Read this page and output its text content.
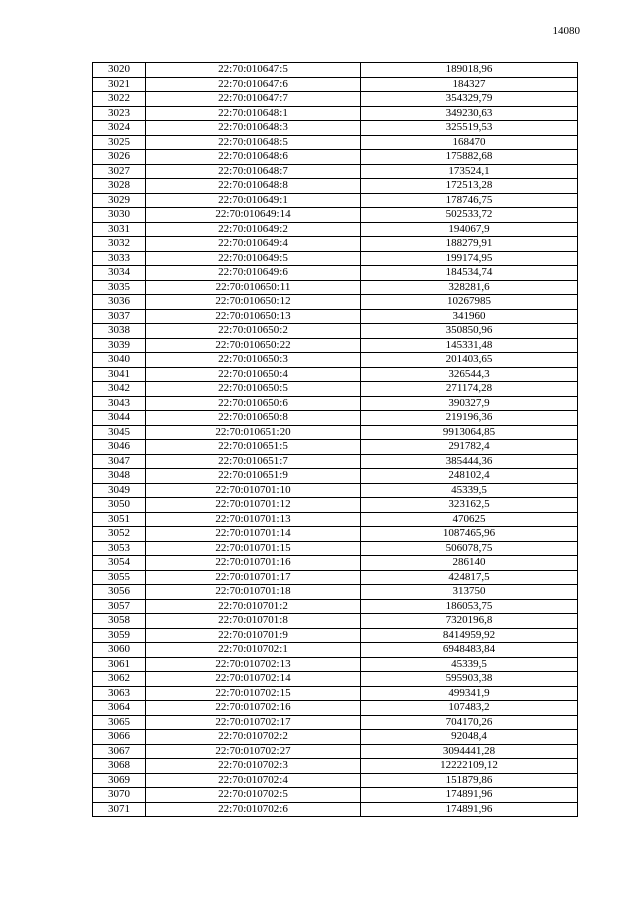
14080
3020	22:70:010647:5	189018,96
3021	22:70:010647:6	184327
3022	22:70:010647:7	354329,79
3023	22:70:010648:1	349230,63
3024	22:70:010648:3	325519,53
3025	22:70:010648:5	168470
3026	22:70:010648:6	175882,68
3027	22:70:010648:7	173524,1
3028	22:70:010648:8	172513,28
3029	22:70:010649:1	178746,75
3030	22:70:010649:14	502533,72
3031	22:70:010649:2	194067,9
3032	22:70:010649:4	188279,91
3033	22:70:010649:5	199174,95
3034	22:70:010649:6	184534,74
3035	22:70:010650:11	328281,6
3036	22:70:010650:12	10267985
3037	22:70:010650:13	341960
3038	22:70:010650:2	350850,96
3039	22:70:010650:22	145331,48
3040	22:70:010650:3	201403,65
3041	22:70:010650:4	326544,3
3042	22:70:010650:5	271174,28
3043	22:70:010650:6	390327,9
3044	22:70:010650:8	219196,36
3045	22:70:010651:20	9913064,85
3046	22:70:010651:5	291782,4
3047	22:70:010651:7	385444,36
3048	22:70:010651:9	248102,4
3049	22:70:010701:10	45339,5
3050	22:70:010701:12	323162,5
3051	22:70:010701:13	470625
3052	22:70:010701:14	1087465,96
3053	22:70:010701:15	506078,75
3054	22:70:010701:16	286140
3055	22:70:010701:17	424817,5
3056	22:70:010701:18	313750
3057	22:70:010701:2	186053,75
3058	22:70:010701:8	7320196,8
3059	22:70:010701:9	8414959,92
3060	22:70:010702:1	6948483,84
3061	22:70:010702:13	45339,5
3062	22:70:010702:14	595903,38
3063	22:70:010702:15	499341,9
3064	22:70:010702:16	107483,2
3065	22:70:010702:17	704170,26
3066	22:70:010702:2	92048,4
3067	22:70:010702:27	3094441,28
3068	22:70:010702:3	12222109,12
3069	22:70:010702:4	151879,86
3070	22:70:010702:5	174891,96
3071	22:70:010702:6	174891,96
